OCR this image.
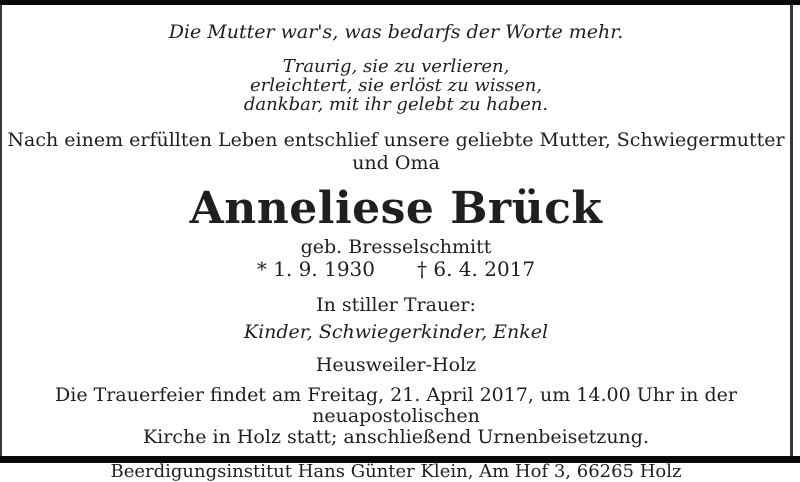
Die Mutter war's, was bedarfs der Worte mehr.
Traurig, sie zu verlieren,
erleichtert, sie erlöst zu wissen,
dankbar, mit ihr gelebt zu haben.
Nach einem erfüllten Leben entschlief unsere geliebte Mutter, Schwiegermutter
und Oma
Anneliese Brück
geb. Bresselschmitt
* 1. 9. 1930 † 6. 4. 2017
In stiller Trauer:
Kinder, Schwiegerkinder, Enkel
Heusweiler-Holz
Die Trauerfeier findet am Freitag, 21. April 2017, um 14.00 Uhr in der neuapostolischen
Kirche in Holz statt; anschließend Urnenbeisetzung.
Beerdigungsinstitut Hans Günter Klein, Am Hof 3, 66265 Holz
